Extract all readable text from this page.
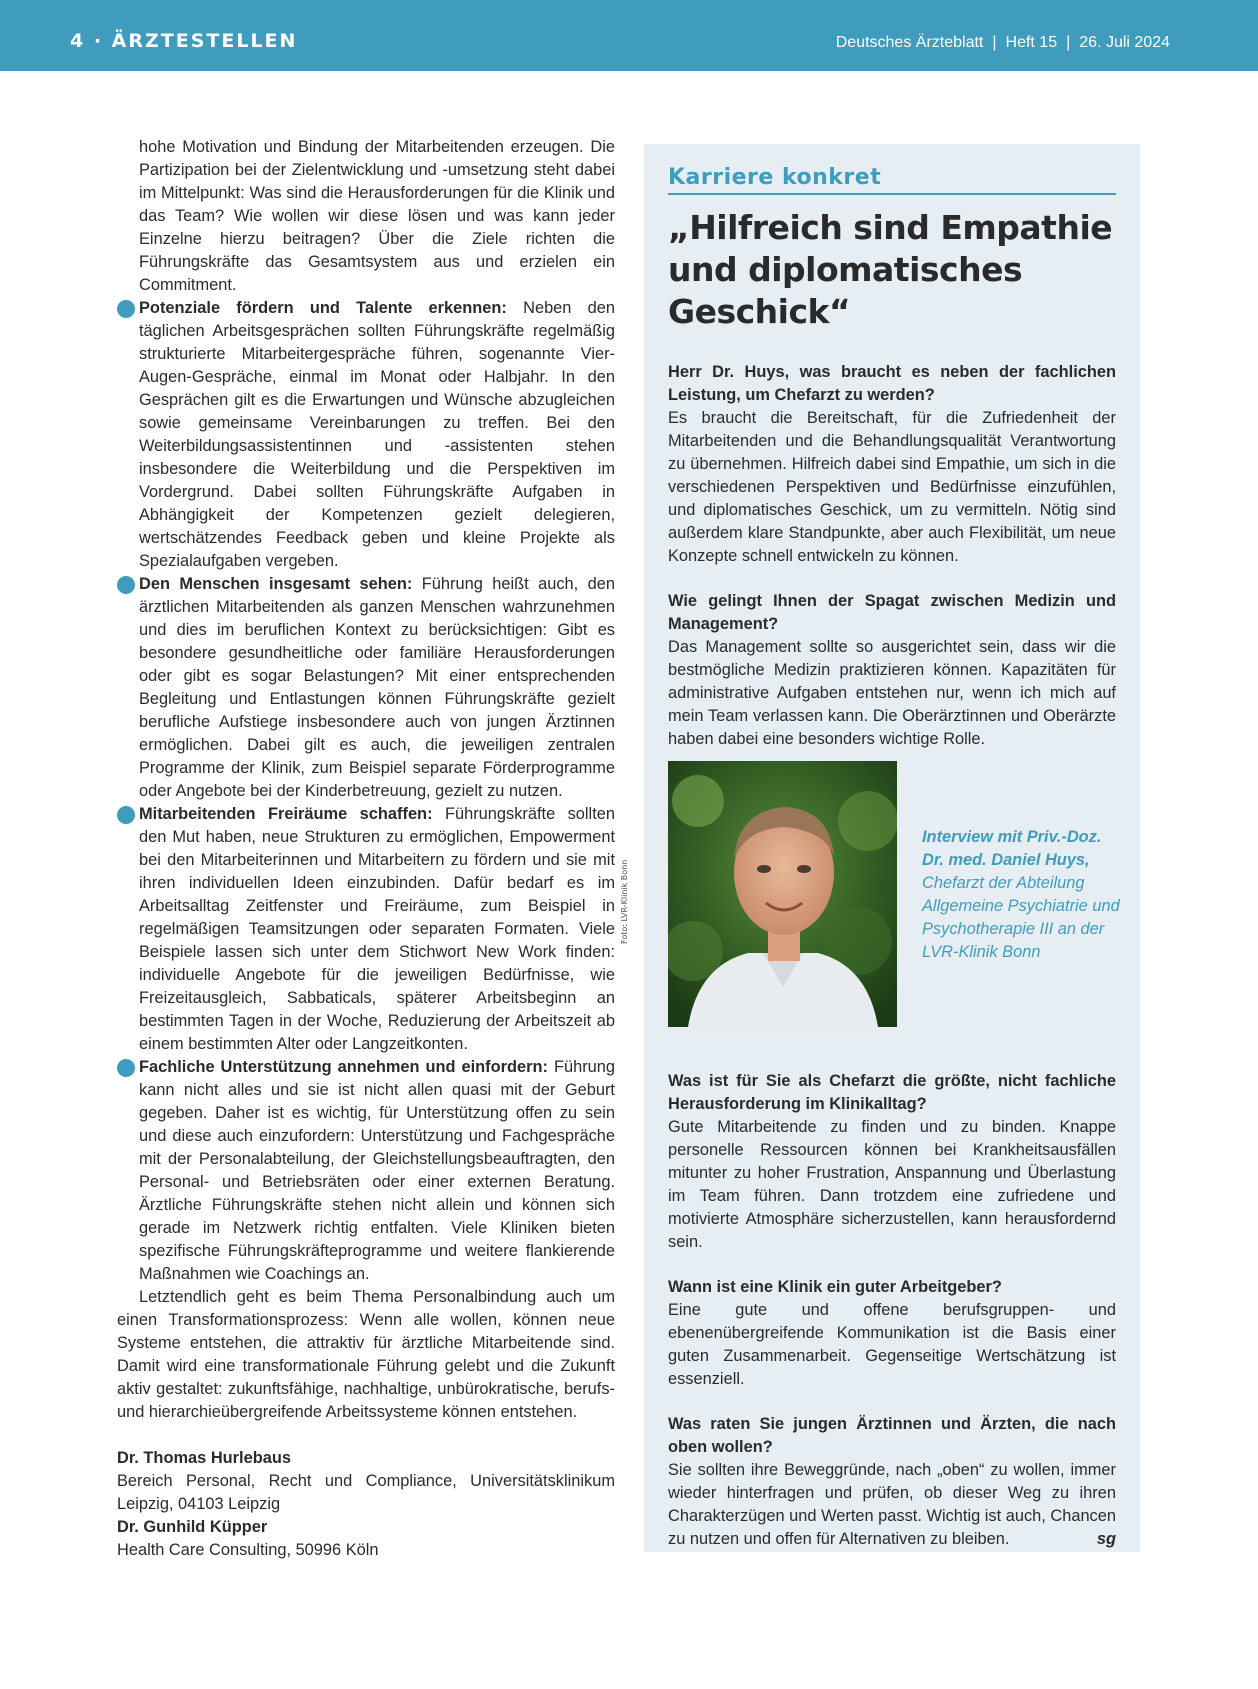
4 · ÄRZTESTELLEN	Deutsches Ärzteblatt | Heft 15 | 26. Juli 2024

hohe Motivation und Bindung der Mitarbeitenden erzeugen. Die Partizipation bei der Zielentwicklung und -umsetzung steht dabei im Mittelpunkt: Was sind die Herausforderungen für die Klinik und das Team? Wie wollen wir diese lösen und was kann jeder Einzelne hierzu beitragen? Über die Ziele richten die Führungskräfte das Gesamtsystem aus und erzielen ein Commitment.

Potenziale fördern und Talente erkennen: Neben den täglichen Arbeitsgesprächen sollten Führungskräfte regelmäßig strukturierte Mitarbeitergespräche führen, sogenannte Vier-Augen-Gespräche, einmal im Monat oder Halbjahr. In den Gesprächen gilt es die Erwartungen und Wünsche abzugleichen sowie gemeinsame Vereinbarungen zu treffen. Bei den Weiterbildungsassistentinnen und -assistenten stehen insbesondere die Weiterbildung und die Perspektiven im Vordergrund. Dabei sollten Führungskräfte Aufgaben in Abhängigkeit der Kompetenzen gezielt delegieren, wertschätzendes Feedback geben und kleine Projekte als Spezialaufgaben vergeben.
Den Menschen insgesamt sehen: Führung heißt auch, den ärztlichen Mitarbeitenden als ganzen Menschen wahrzunehmen und dies im beruflichen Kontext zu berücksichtigen: Gibt es besondere gesundheitliche oder familiäre Herausforderungen oder gibt es sogar Belastungen? Mit einer entsprechenden Begleitung und Entlastungen können Führungskräfte gezielt berufliche Aufstiege insbesondere auch von jungen Ärztinnen ermöglichen. Dabei gilt es auch, die jeweiligen zentralen Programme der Klinik, zum Beispiel separate Förderprogramme oder Angebote bei der Kinderbetreuung, gezielt zu nutzen.
Mitarbeitenden Freiräume schaffen: Führungskräfte sollten den Mut haben, neue Strukturen zu ermöglichen, Empowerment bei den Mitarbeiterinnen und Mitarbeitern zu fördern und sie mit ihren individuellen Ideen einzubinden. Dafür bedarf es im Arbeitsalltag Zeitfenster und Freiräume, zum Beispiel in regelmäßigen Teamsitzungen oder separaten Formaten. Viele Beispiele lassen sich unter dem Stichwort New Work finden: individuelle Angebote für die jeweiligen Bedürfnisse, wie Freizeitausgleich, Sabbaticals, späterer Arbeitsbeginn an bestimmten Tagen in der Woche, Reduzierung der Arbeitszeit ab einem bestimmten Alter oder Langzeitkonten.
Fachliche Unterstützung annehmen und einfordern: Führung kann nicht alles und sie ist nicht allen quasi mit der Geburt gegeben. Daher ist es wichtig, für Unterstützung offen zu sein und diese auch einzufordern: Unterstützung und Fachgespräche mit der Personalabteilung, der Gleichstellungsbeauftragten, den Personal- und Betriebsräten oder einer externen Beratung. Ärztliche Führungskräfte stehen nicht allein und können sich gerade im Netzwerk richtig entfalten. Viele Kliniken bieten spezifische Führungskräfteprogramme und weitere flankierende Maßnahmen wie Coachings an.

Letztendlich geht es beim Thema Personalbindung auch um einen Transformationsprozess: Wenn alle wollen, können neue Systeme entstehen, die attraktiv für ärztliche Mitarbeitende sind. Damit wird eine transformationale Führung gelebt und die Zukunft aktiv gestaltet: zukunftsfähige, nachhaltige, unbürokratische, berufs- und hierarchieübergreifende Arbeitssysteme können entstehen.

Dr. Thomas Hurlebaus
Bereich Personal, Recht und Compliance, Universitätsklinikum Leipzig, 04103 Leipzig
Dr. Gunhild Küpper
Health Care Consulting, 50996 Köln

Karriere konkret
„Hilfreich sind Empathie und diplomatisches Geschick“
Herr Dr. Huys, was braucht es neben der fachlichen Leistung, um Chefarzt zu werden?
Es braucht die Bereitschaft, für die Zufriedenheit der Mitarbeitenden und die Behandlungsqualität Verantwortung zu übernehmen. Hilfreich dabei sind Empathie, um sich in die verschiedenen Perspektiven und Bedürfnisse einzufühlen, und diplomatisches Geschick, um zu vermitteln. Nötig sind außerdem klare Standpunkte, aber auch Flexibilität, um neue Konzepte schnell entwickeln zu können.
Wie gelingt Ihnen der Spagat zwischen Medizin und Management?
Das Management sollte so ausgerichtet sein, dass wir die bestmögliche Medizin praktizieren können. Kapazitäten für administrative Aufgaben entstehen nur, wenn ich mich auf mein Team verlassen kann. Die Oberärztinnen und Oberärzte haben dabei eine besonders wichtige Rolle.
Foto: LVR-Klinik Bonn
Interview mit Priv.-Doz. Dr. med. Daniel Huys,
Chefarzt der Abteilung Allgemeine Psychiatrie und Psychotherapie III an der LVR-Klinik Bonn
Was ist für Sie als Chefarzt die größte, nicht fachliche Herausforderung im Klinikalltag?
Gute Mitarbeitende zu finden und zu binden. Knappe personelle Ressourcen können bei Krankheitsausfällen mitunter zu hoher Frustration, Anspannung und Überlastung im Team führen. Dann trotzdem eine zufriedene und motivierte Atmosphäre sicherzustellen, kann herausfordernd sein.
Wann ist eine Klinik ein guter Arbeitgeber?
Eine gute und offene berufsgruppen- und ebenenübergreifende Kommunikation ist die Basis einer guten Zusammenarbeit. Gegenseitige Wertschätzung ist essenziell.
Was raten Sie jungen Ärztinnen und Ärzten, die nach oben wollen?
Sie sollten ihre Beweggründe, nach „oben“ zu wollen, immer wieder hinterfragen und prüfen, ob dieser Weg zu ihren Charakterzügen und Werten passt. Wichtig ist auch, Chancen zu nutzen und offen für Alternativen zu bleiben.	sg
